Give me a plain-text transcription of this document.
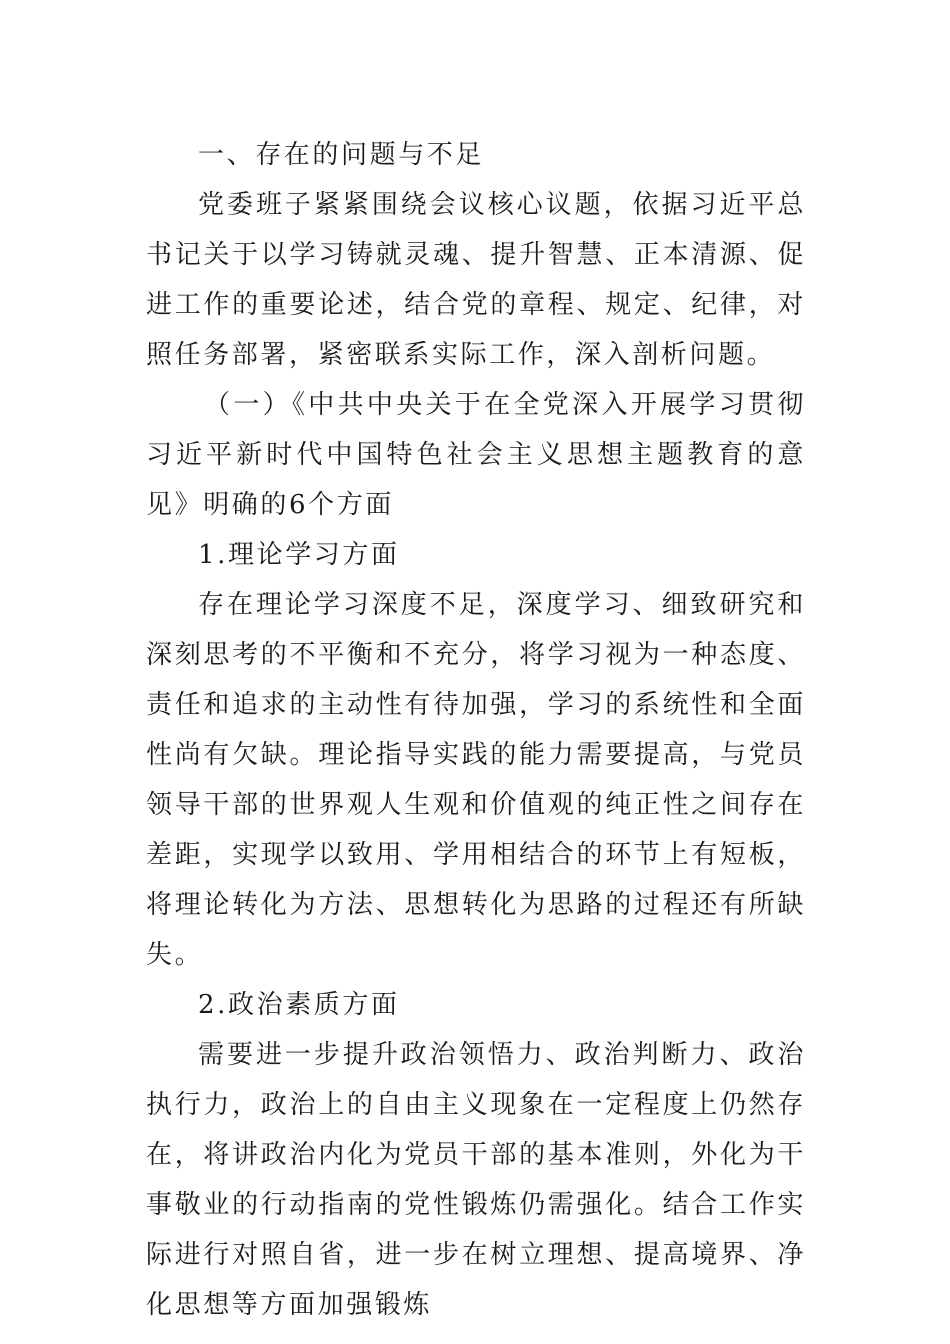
一、存在的问题与不足

党委班子紧紧围绕会议核心议题，依据习近平总书记关于以学习铸就灵魂、提升智慧、正本清源、促进工作的重要论述，结合党的章程、规定、纪律，对照任务部署，紧密联系实际工作，深入剖析问题。

（一）《中共中央关于在全党深入开展学习贯彻习近平新时代中国特色社会主义思想主题教育的意见》明确的6个方面

1.理论学习方面

存在理论学习深度不足，深度学习、细致研究和深刻思考的不平衡和不充分，将学习视为一种态度、责任和追求的主动性有待加强，学习的系统性和全面性尚有欠缺。理论指导实践的能力需要提高，与党员领导干部的世界观人生观和价值观的纯正性之间存在差距，实现学以致用、学用相结合的环节上有短板，将理论转化为方法、思想转化为思路的过程还有所缺失。

2.政治素质方面

需要进一步提升政治领悟力、政治判断力、政治执行力，政治上的自由主义现象在一定程度上仍然存在，将讲政治内化为党员干部的基本准则，外化为干事敬业的行动指南的党性锻炼仍需强化。结合工作实际进行对照自省，进一步在树立理想、提高境界、净化思想等方面加强锻炼
